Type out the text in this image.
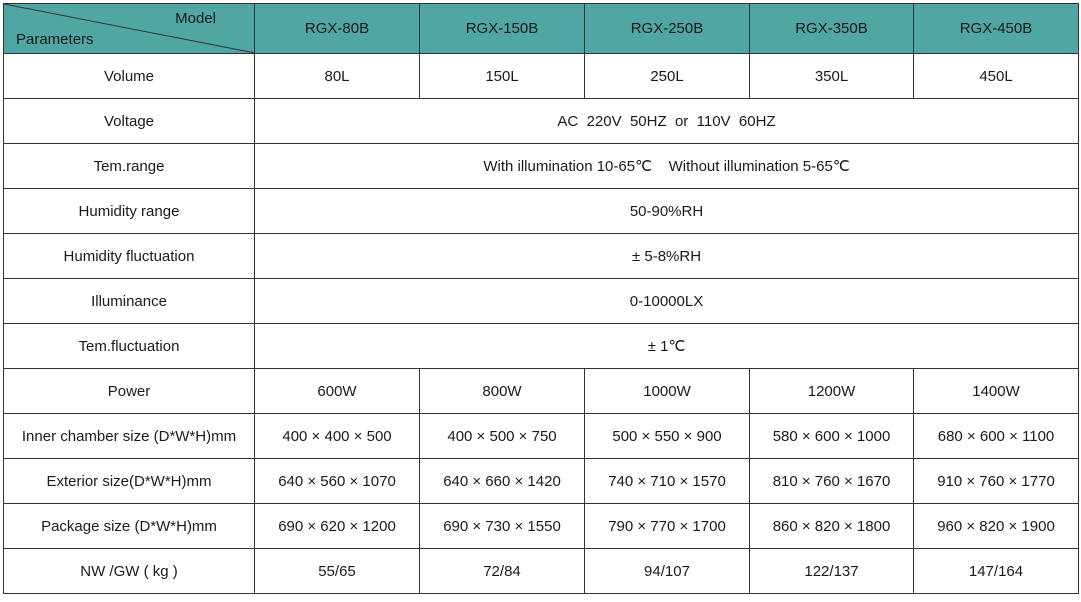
Model
Parameters	RGX-80B	RGX-150B	RGX-250B	RGX-350B	RGX-450B
Volume	80L	150L	250L	350L	450L
Voltage	AC  220V  50HZ  or  110V  60HZ				
Tem.range	With illumination 10-65℃    Without illumination 5-65℃				
Humidity range	50-90%RH				
Humidity fluctuation	± 5-8%RH				
Illuminance	0-10000LX				
Tem.fluctuation	± 1℃				
Power	600W	800W	1000W	1200W	1400W
Inner chamber size (D*W*H)mm	400 × 400 × 500	400 × 500 × 750	500 × 550 × 900	580 × 600 × 1000	680 × 600 × 1100
Exterior size(D*W*H)mm	640 × 560 × 1070	640 × 660 × 1420	740 × 710 × 1570	810 × 760 × 1670	910 × 760 × 1770
Package size (D*W*H)mm	690 × 620 × 1200	690 × 730 × 1550	790 × 770 × 1700	860 × 820 × 1800	960 × 820 × 1900
NW /GW ( kg )	55/65	72/84	94/107	122/137	147/164
